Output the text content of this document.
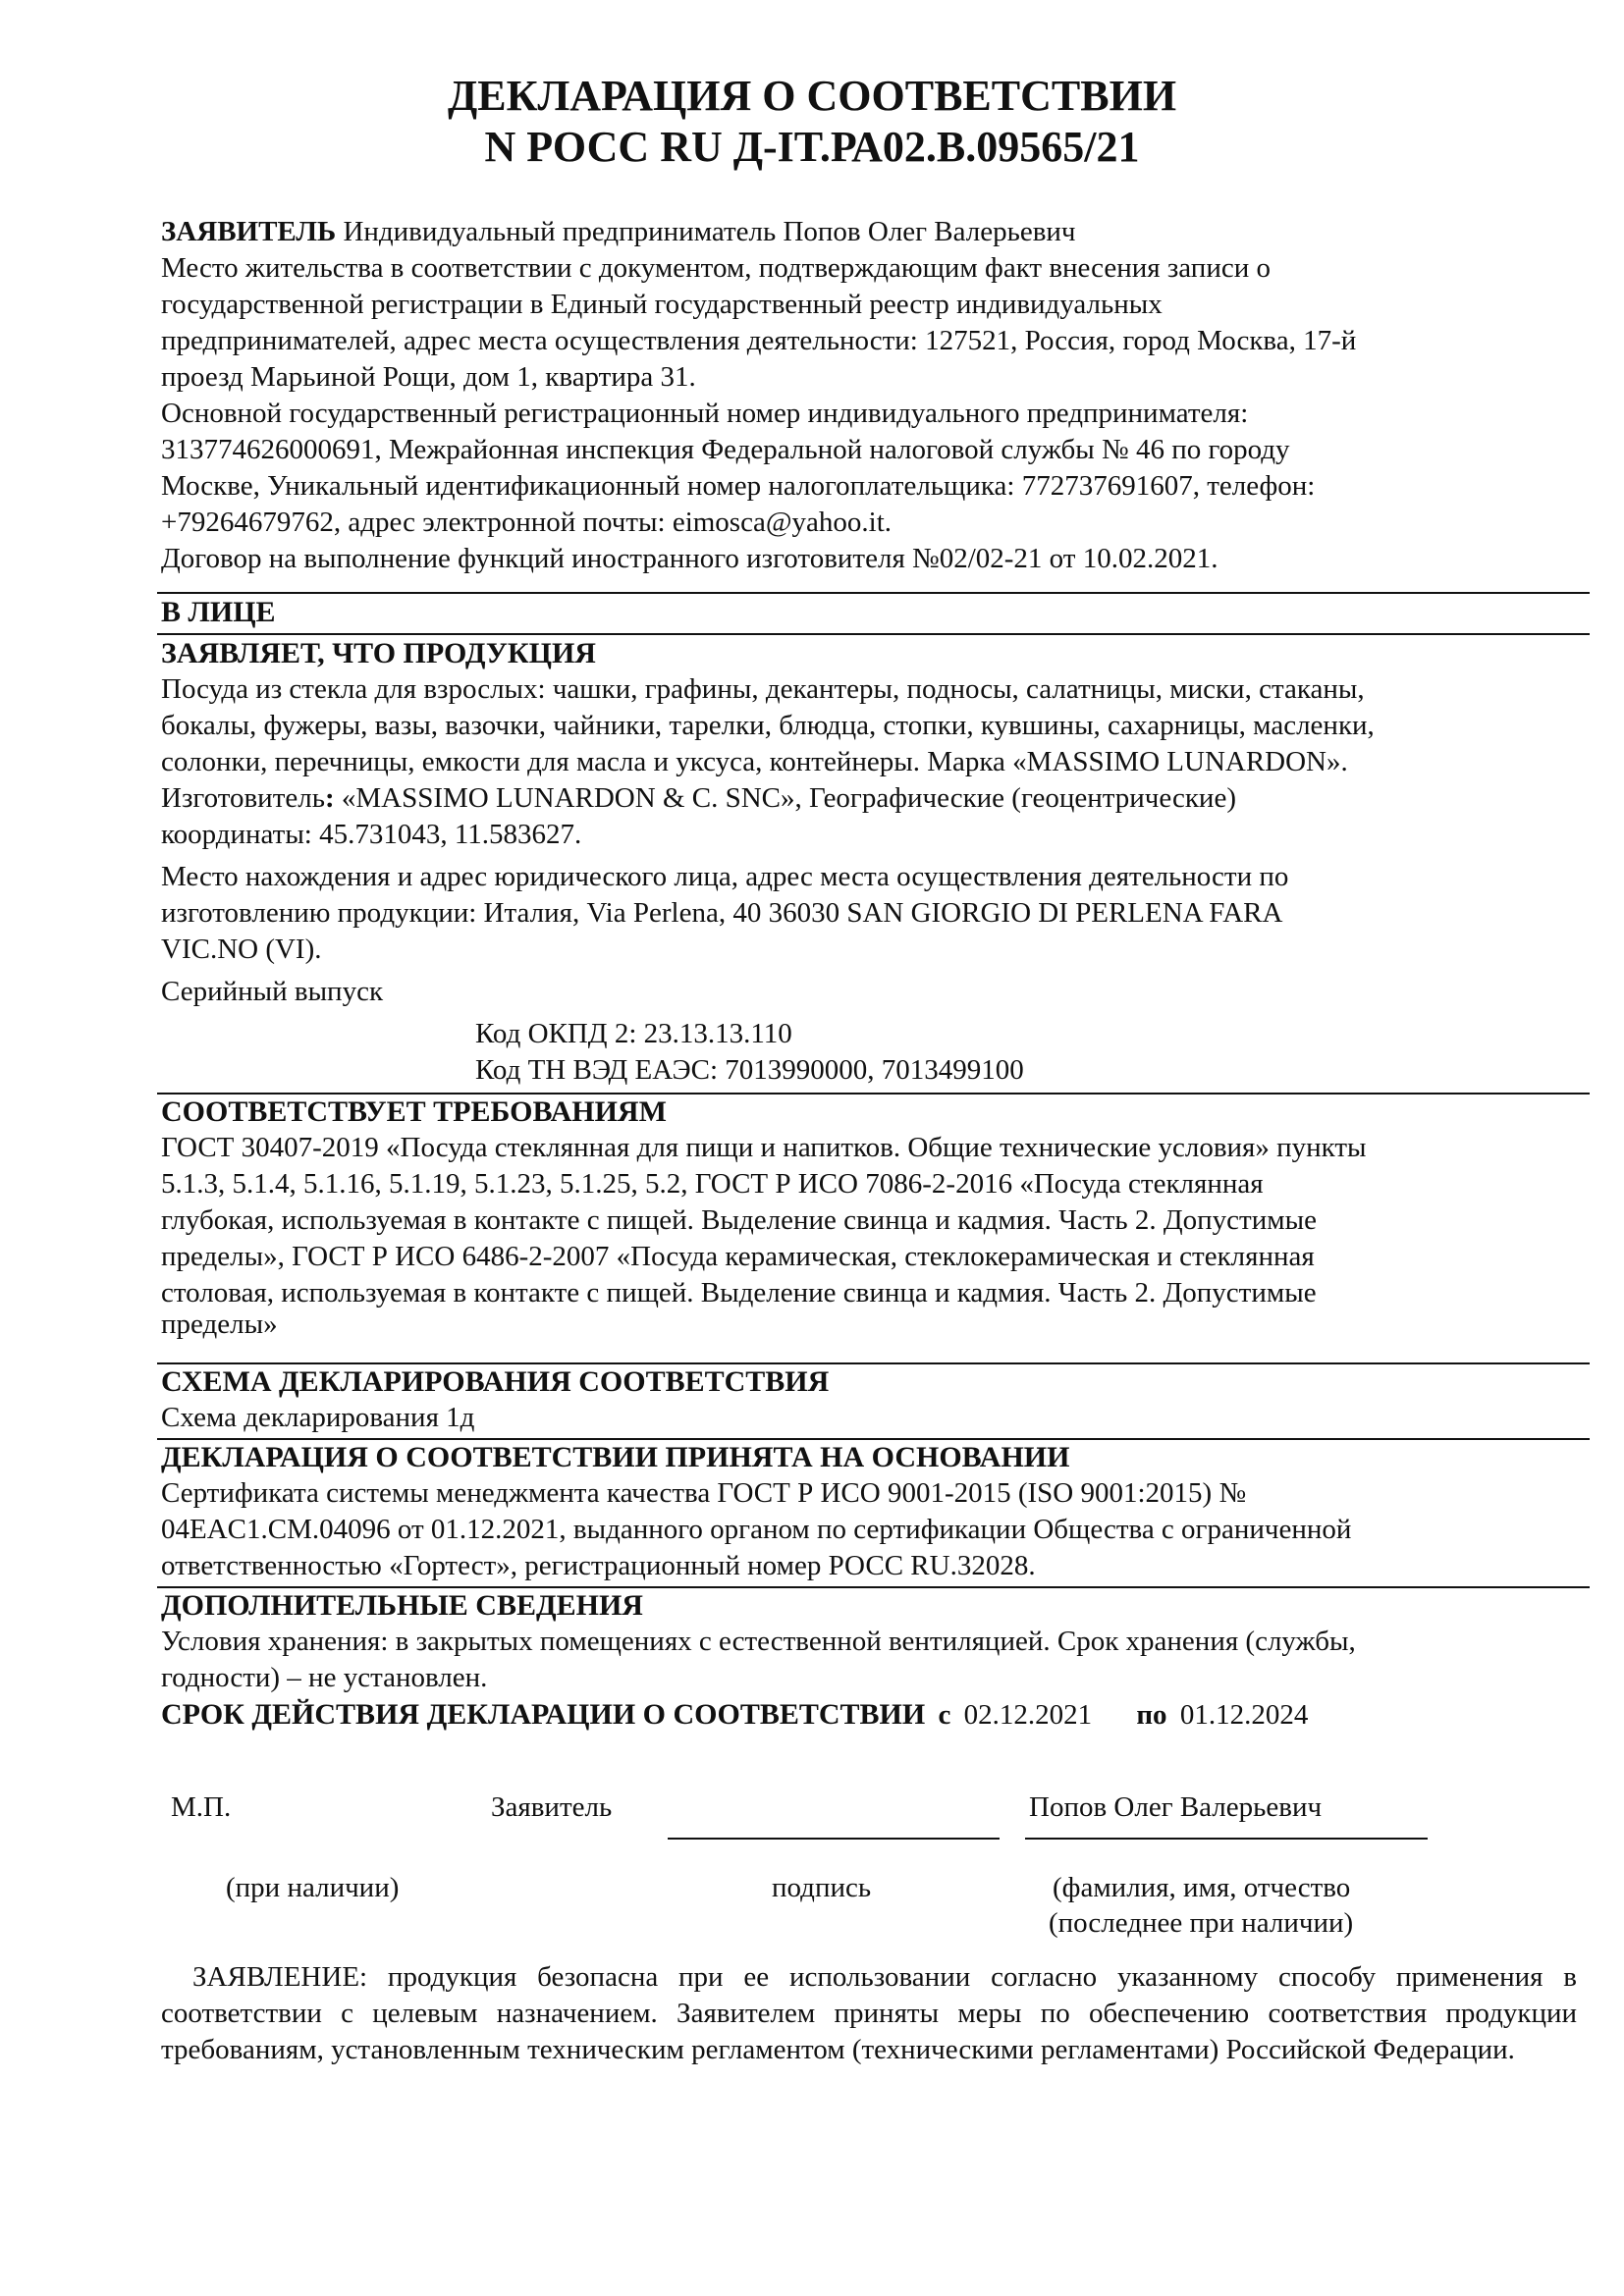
ДЕКЛАРАЦИЯ О СООТВЕТСТВИИ
N РОСС RU Д-IT.РА02.В.09565/21

ЗАЯВИТЕЛЬ Индивидуальный предприниматель Попов Олег Валерьевич

Место жительства в соответствии с документом, подтверждающим факт внесения записи о

государственной регистрации в Единый государственный реестр индивидуальных

предпринимателей, адрес места осуществления деятельности: 127521, Россия, город Москва, 17-й

проезд Марьиной Рощи, дом 1, квартира 31.

Основной государственный регистрационный номер индивидуального предпринимателя:

313774626000691, Межрайонная инспекция Федеральной налоговой службы № 46 по городу

Москве, Уникальный идентификационный номер налогоплательщика: 772737691607, телефон:

+79264679762, адрес электронной почты: eimosca@yahoo.it.

Договор на выполнение функций иностранного изготовителя №02/02-21 от 10.02.2021.

В ЛИЦЕ

ЗАЯВЛЯЕТ, ЧТО ПРОДУКЦИЯ

Посуда из стекла для взрослых: чашки, графины, декантеры, подносы, салатницы, миски, стаканы,

бокалы, фужеры, вазы, вазочки, чайники, тарелки, блюдца, стопки, кувшины, сахарницы, масленки,

солонки, перечницы, емкости для масла и уксуса, контейнеры. Марка «MASSIMO LUNARDON».

Изготовитель: «MASSIMO LUNARDON & C. SNC», Географические (геоцентрические)

координаты: 45.731043, 11.583627.

Место нахождения и адрес юридического лица, адрес места осуществления деятельности по

изготовлению продукции: Италия, Via Perlena, 40 36030 SAN GIORGIO DI PERLENA FARA

VIC.NO (VI).

Серийный выпуск

Код ОКПД 2: 23.13.13.110

Код ТН ВЭД ЕАЭС: 7013990000, 7013499100

СООТВЕТСТВУЕТ ТРЕБОВАНИЯМ

ГОСТ 30407-2019 «Посуда стеклянная для пищи и напитков. Общие технические условия» пункты

5.1.3, 5.1.4, 5.1.16, 5.1.19, 5.1.23, 5.1.25, 5.2, ГОСТ Р ИСО 7086-2-2016 «Посуда стеклянная

глубокая, используемая в контакте с пищей. Выделение свинца и кадмия. Часть 2. Допустимые

пределы», ГОСТ Р ИСО 6486-2-2007 «Посуда керамическая, стеклокерамическая и стеклянная

столовая, используемая в контакте с пищей. Выделение свинца и кадмия. Часть 2. Допустимые

пределы»

СХЕМА ДЕКЛАРИРОВАНИЯ СООТВЕТСТВИЯ

Схема декларирования 1д

ДЕКЛАРАЦИЯ О СООТВЕТСТВИИ ПРИНЯТА НА ОСНОВАНИИ

Сертификата системы менеджмента качества ГОСТ Р ИСО 9001-2015 (ISO 9001:2015) №

04EAC1.CM.04096 от 01.12.2021, выданного органом по сертификации Общества с ограниченной

ответственностью «Гортест», регистрационный номер РОСС RU.32028.

ДОПОЛНИТЕЛЬНЫЕ СВЕДЕНИЯ

Условия хранения: в закрытых помещениях с естественной вентиляцией. Срок хранения (службы,

годности) – не установлен.

СРОК ДЕЙСТВИЯ ДЕКЛАРАЦИИ О СООТВЕТСТВИИ с 02.12.2021 по 01.12.2024

М.П.	Заявитель	Попов Олег Валерьевич
(при наличии)	подпись	(фамилия, имя, отчество
(последнее при наличии)
ЗАЯВЛЕНИЕ: продукция безопасна при ее использовании согласно указанному способу применения в соответствии с целевым назначением. Заявителем приняты меры по обеспечению соответствия продукции требованиям, установленным техническим регламентом (техническими регламентами) Российской Федерации.
